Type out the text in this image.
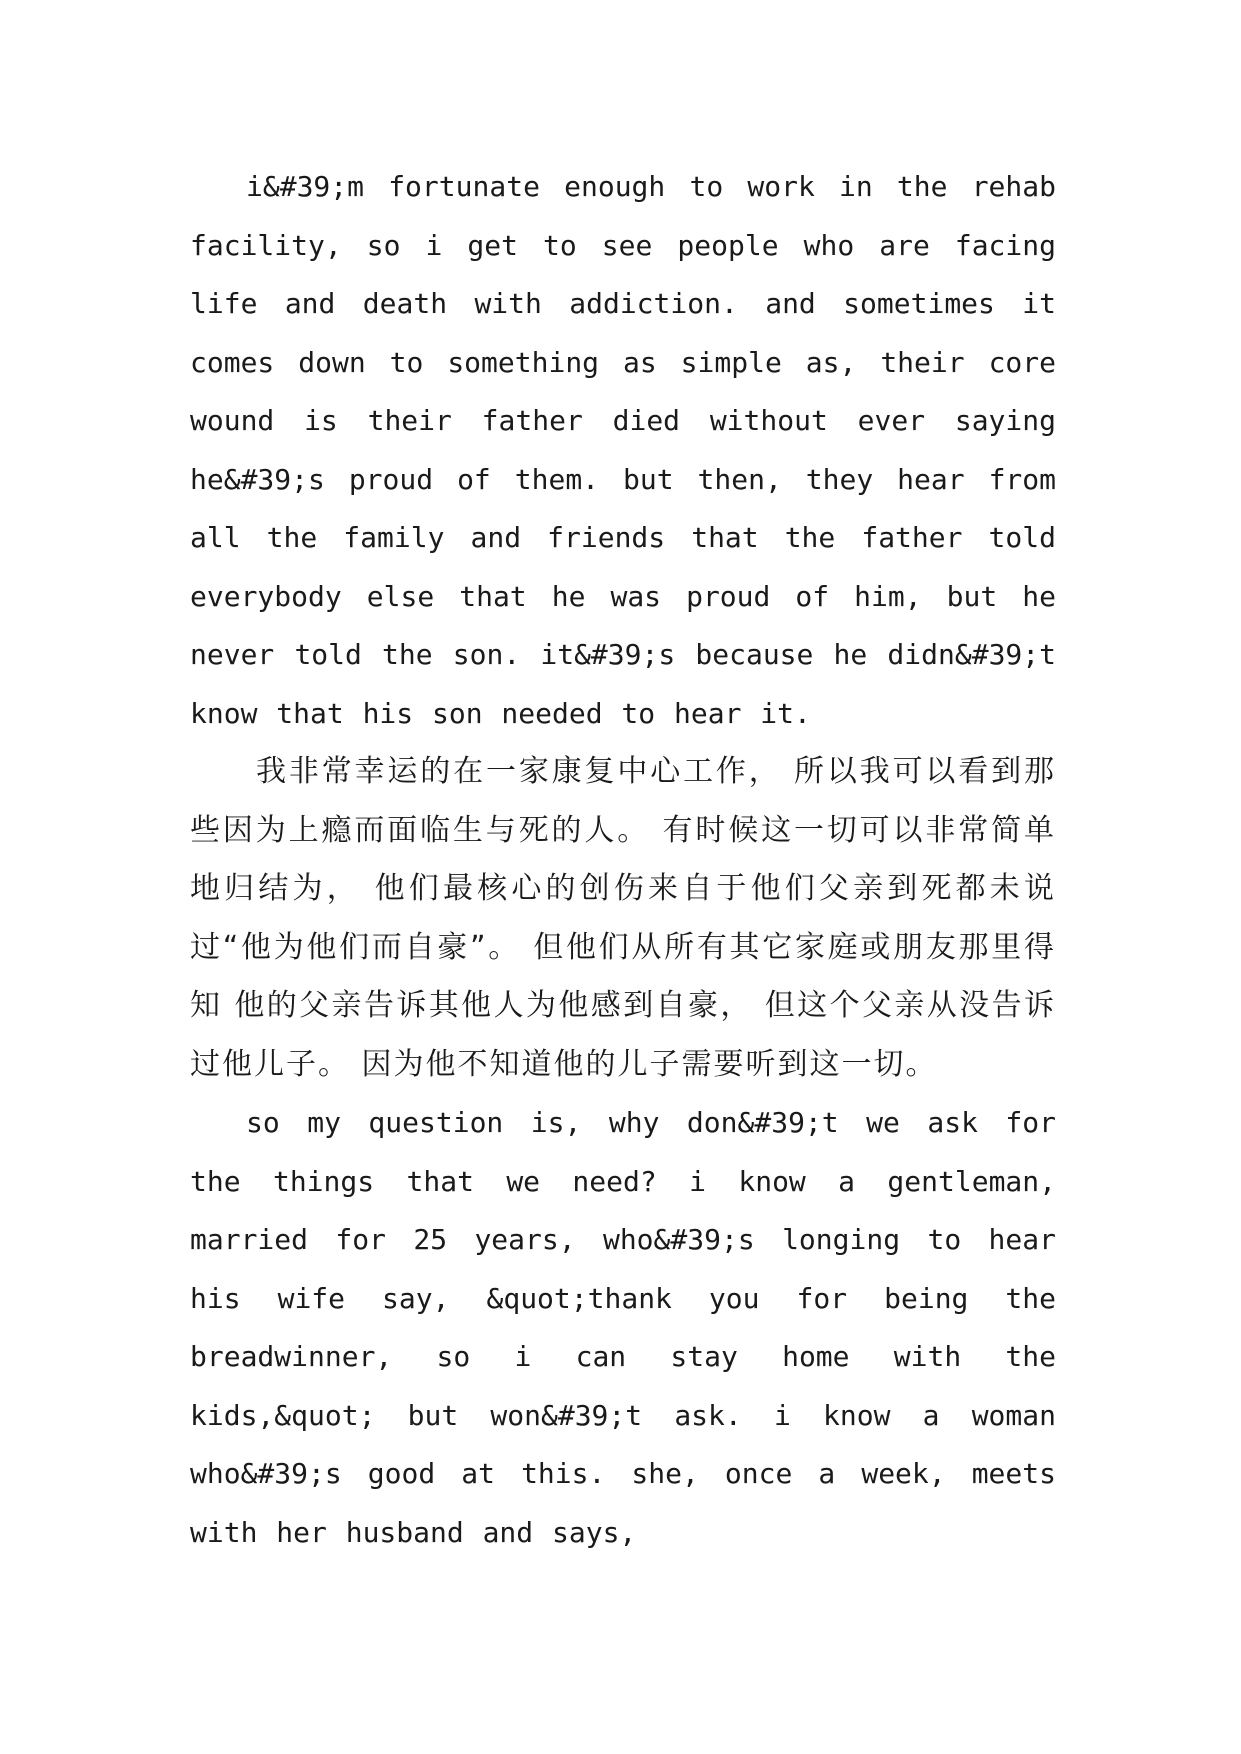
i&#39;m fortunate enough to work in the rehab facility, so i get to see people who are facing life and death with addiction. and sometimes it comes down to something as simple as, their core wound is their father died without ever saying he&#39;s proud of them. but then, they hear from all the family and friends that the father told everybody else that he was proud of him, but he never told the son. it&#39;s because he didn&#39;t know that his son needed to hear it.

我非常幸运的在一家康复中心工作， 所以我可以看到那些因为上瘾而面临生与死的人。 有时候这一切可以非常简单地归结为， 他们最核心的创伤来自于他们父亲到死都未说过“他为他们而自豪”。 但他们从所有其它家庭或朋友那里得知 他的父亲告诉其他人为他感到自豪， 但这个父亲从没告诉过他儿子。 因为他不知道他的儿子需要听到这一切。

so my question is, why don&#39;t we ask for the things that we need? i know a gentleman, married for 25 years, who&#39;s longing to hear his wife say, &quot;thank you for being the breadwinner, so i can stay home with the kids,&quot; but won&#39;t ask. i know a woman who&#39;s good at this. she, once a week, meets with her husband and says,
